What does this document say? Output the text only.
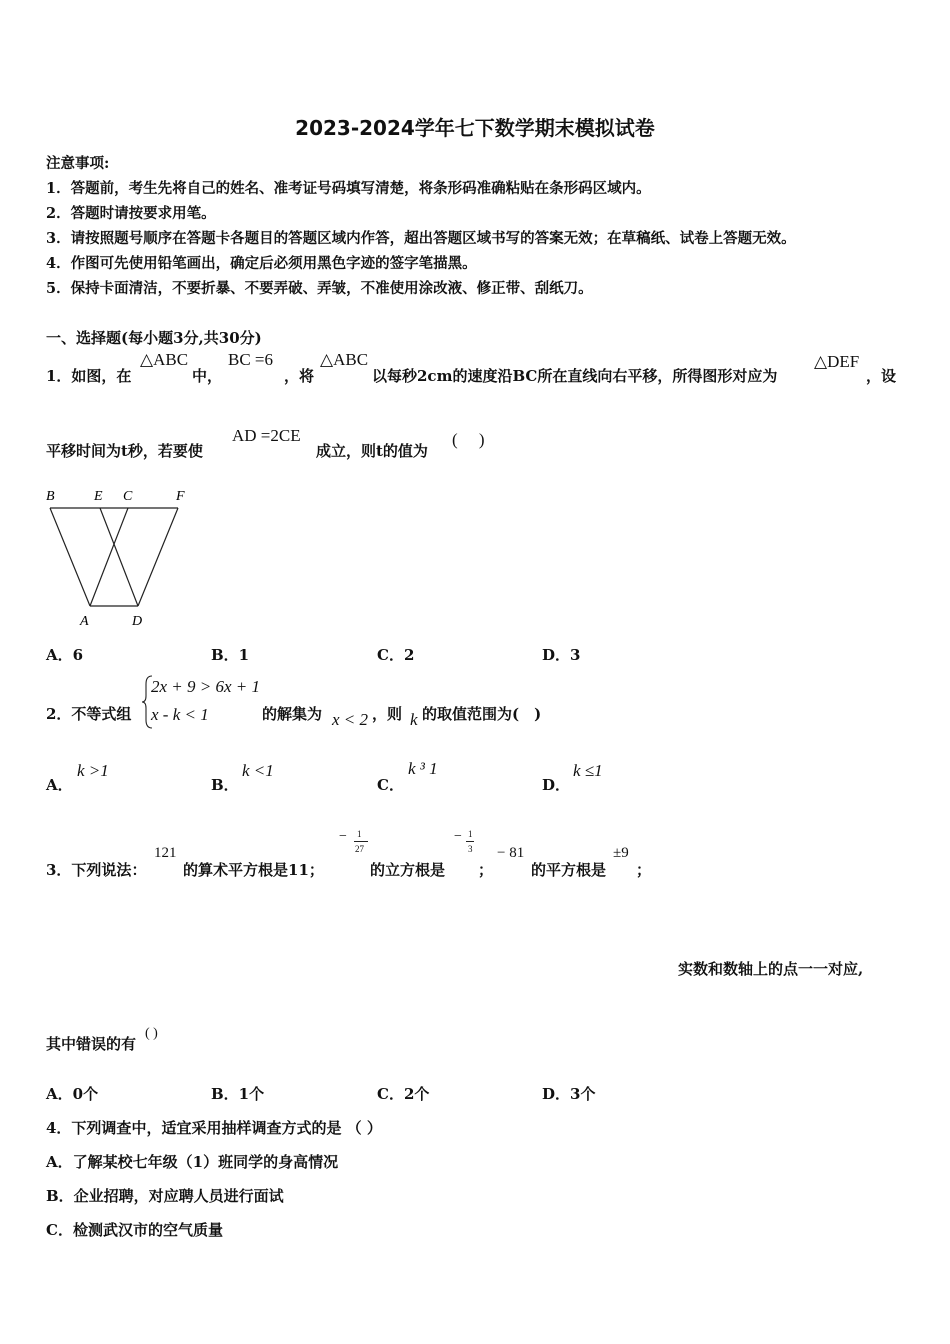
2023-2024学年七下数学期末模拟试卷
注意事项:
1．答题前，考生先将自己的姓名、准考证号码填写清楚，将条形码准确粘贴在条形码区域内。
2．答题时请按要求用笔。
3．请按照题号顺序在答题卡各题目的答题区域内作答，超出答题区域书写的答案无效；在草稿纸、试卷上答题无效。
4．作图可先使用铅笔画出，确定后必须用黑色字迹的签字笔描黑。
5．保持卡面清洁，不要折暴、不要弄破、弄皱，不准使用涂改液、修正带、刮纸刀。
一、选择题(每小题3分,共30分)
1．如图，在
△ABC
中，
BC =6
，将
△ABC
以每秒2cm的速度沿BC所在直线向右平移，所得图形对应为
△DEF
，设
平移时间为t秒，若要使
AD =2CE
成立，则t的值为
(　 )
B	E C	F
A	D
A．6	B．1	C．2	D．3
2．不等式组
2x + 9 > 6x + 1
x - k < 1	的解集为 x < 2 ，则 k 的取值范围为(　)
A．
k >1
B．
k <1
C．
k ³ 1
D．
k ≤1
3．下列说法：
121
的算术平方根是11；
− 1
27
的立方根是
− 1
3
；
− 81
的平方根是
±9
；
实数和数轴上的点一一对应,
其中错误的有
( )
A．0个	B．1个	C．2个	D．3个
4．下列调查中，适宜采用抽样调查方式的是 （ ）
A．了解某校七年级（1）班同学的身高情况
B．企业招聘，对应聘人员进行面试
C．检测武汉市的空气质量
